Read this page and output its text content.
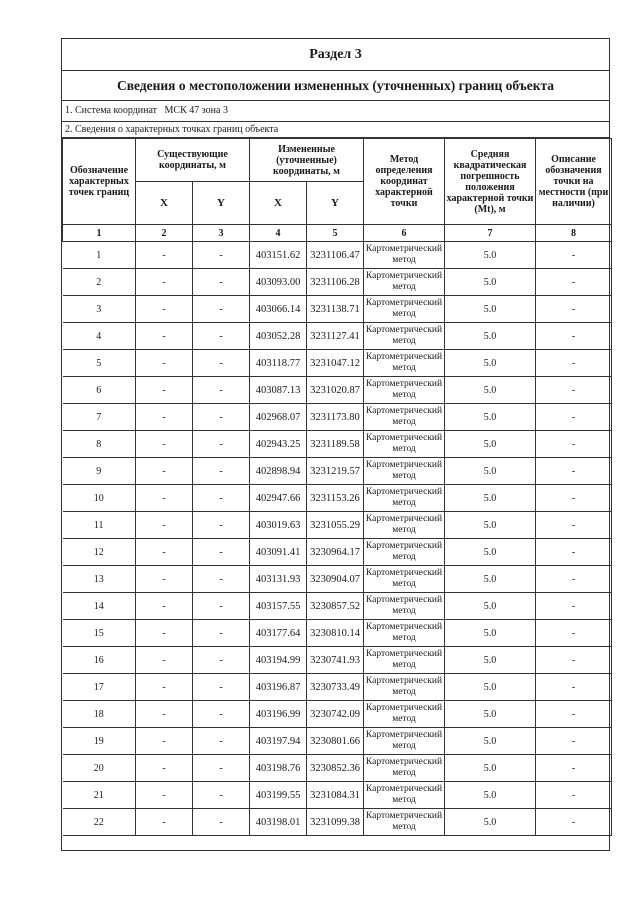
Раздел 3
Сведения о местоположении измененных (уточненных) границ объекта
1. Система координат МСК 47 зона 3
2. Сведения о характерных точках границ объекта
Обозначение характерных точек границ	Существующие координаты, м		Измененные (уточненные) координаты, м		Метод определения координат характерной точки	Средняя квадратическая погрешность положения характерной точки (Mt), м	Описание обозначения точки на местности (при наличии)
	X	Y	X	Y			
1	2	3	4	5	6	7	8
1	-	-	403151.62	3231106.47	Картометрический метод	5.0	-
2	-	-	403093.00	3231106.28	Картометрический метод	5.0	-
3	-	-	403066.14	3231138.71	Картометрический метод	5.0	-
4	-	-	403052.28	3231127.41	Картометрический метод	5.0	-
5	-	-	403118.77	3231047.12	Картометрический метод	5.0	-
6	-	-	403087.13	3231020.87	Картометрический метод	5.0	-
7	-	-	402968.07	3231173.80	Картометрический метод	5.0	-
8	-	-	402943.25	3231189.58	Картометрический метод	5.0	-
9	-	-	402898.94	3231219.57	Картометрический метод	5.0	-
10	-	-	402947.66	3231153.26	Картометрический метод	5.0	-
11	-	-	403019.63	3231055.29	Картометрический метод	5.0	-
12	-	-	403091.41	3230964.17	Картометрический метод	5.0	-
13	-	-	403131.93	3230904.07	Картометрический метод	5.0	-
14	-	-	403157.55	3230857.52	Картометрический метод	5.0	-
15	-	-	403177.64	3230810.14	Картометрический метод	5.0	-
16	-	-	403194.99	3230741.93	Картометрический метод	5.0	-
17	-	-	403196.87	3230733.49	Картометрический метод	5.0	-
18	-	-	403196.99	3230742.09	Картометрический метод	5.0	-
19	-	-	403197.94	3230801.66	Картометрический метод	5.0	-
20	-	-	403198.76	3230852.36	Картометрический метод	5.0	-
21	-	-	403199.55	3231084.31	Картометрический метод	5.0	-
22	-	-	403198.01	3231099.38	Картометрический метод	5.0	-
